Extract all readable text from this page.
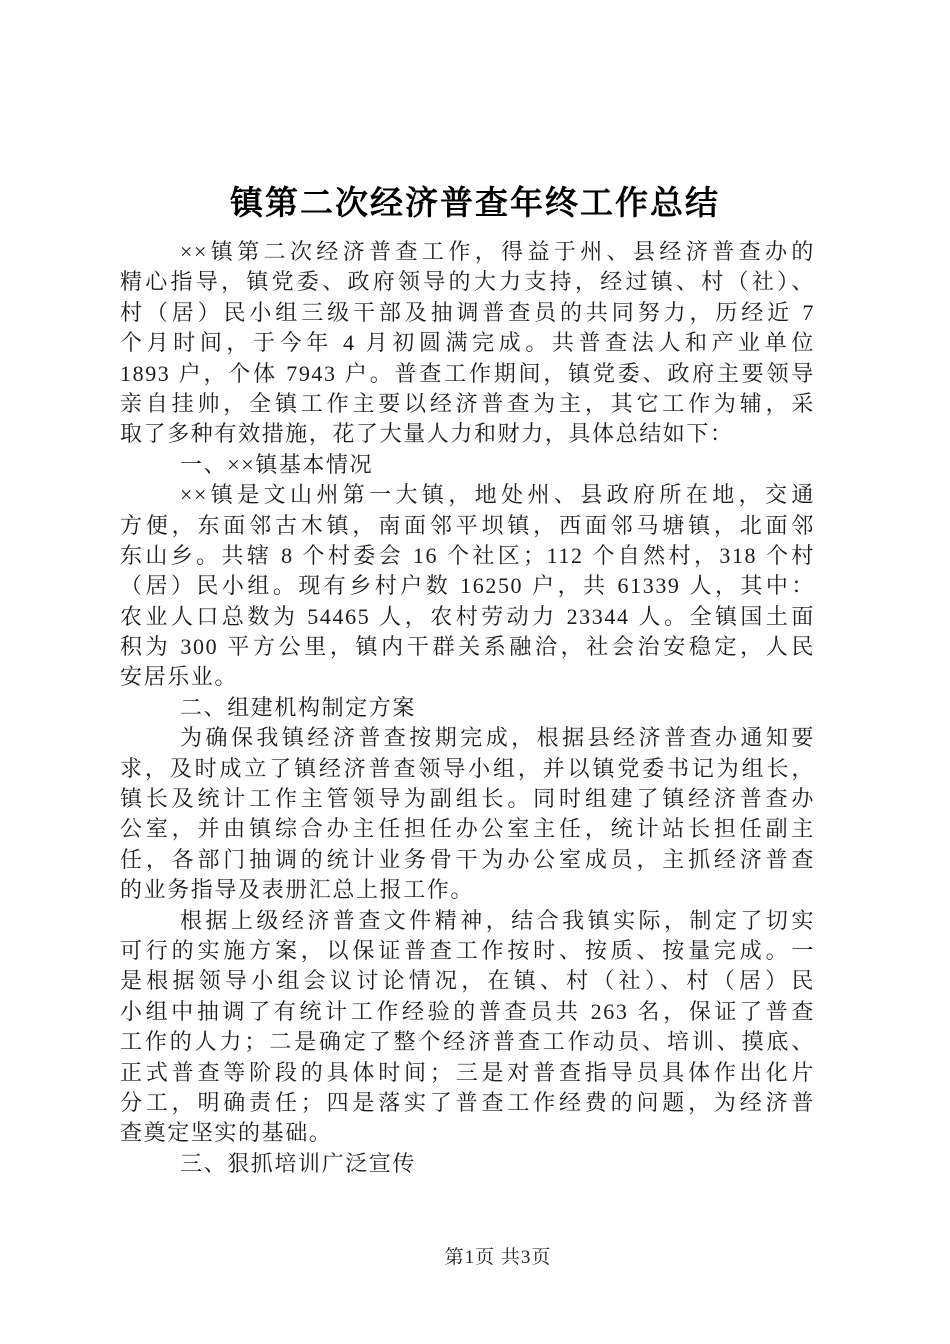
镇第二次经济普查年终工作总结
××镇第二次经济普查工作，得益于州、县经济普查办的
精心指导，镇党委、政府领导的大力支持，经过镇、村（社）、
村（居）民小组三级干部及抽调普查员的共同努力，历经近 7
个月时间，于今年 4 月初圆满完成。共普查法人和产业单位
1893 户，个体 7943 户。普查工作期间，镇党委、政府主要领导
亲自挂帅，全镇工作主要以经济普查为主，其它工作为辅，采
取了多种有效措施，花了大量人力和财力，具体总结如下：
一、××镇基本情况
××镇是文山州第一大镇，地处州、县政府所在地，交通
方便，东面邻古木镇，南面邻平坝镇，西面邻马塘镇，北面邻
东山乡。共辖 8 个村委会 16 个社区；112 个自然村，318 个村
（居）民小组。现有乡村户数 16250 户，共 61339 人，其中：
农业人口总数为 54465 人，农村劳动力 23344 人。全镇国土面
积为 300 平方公里，镇内干群关系融洽，社会治安稳定，人民
安居乐业。
二、组建机构制定方案
为确保我镇经济普查按期完成，根据县经济普查办通知要
求，及时成立了镇经济普查领导小组，并以镇党委书记为组长，
镇长及统计工作主管领导为副组长。同时组建了镇经济普查办
公室，并由镇综合办主任担任办公室主任，统计站长担任副主
任，各部门抽调的统计业务骨干为办公室成员，主抓经济普查
的业务指导及表册汇总上报工作。
根据上级经济普查文件精神，结合我镇实际，制定了切实
可行的实施方案，以保证普查工作按时、按质、按量完成。一
是根据领导小组会议讨论情况，在镇、村（社）、村（居）民
小组中抽调了有统计工作经验的普查员共 263 名，保证了普查
工作的人力；二是确定了整个经济普查工作动员、培训、摸底、
正式普查等阶段的具体时间；三是对普查指导员具体作出化片
分工，明确责任；四是落实了普查工作经费的问题，为经济普
查奠定坚实的基础。
三、狠抓培训广泛宣传
第1页 共3页
